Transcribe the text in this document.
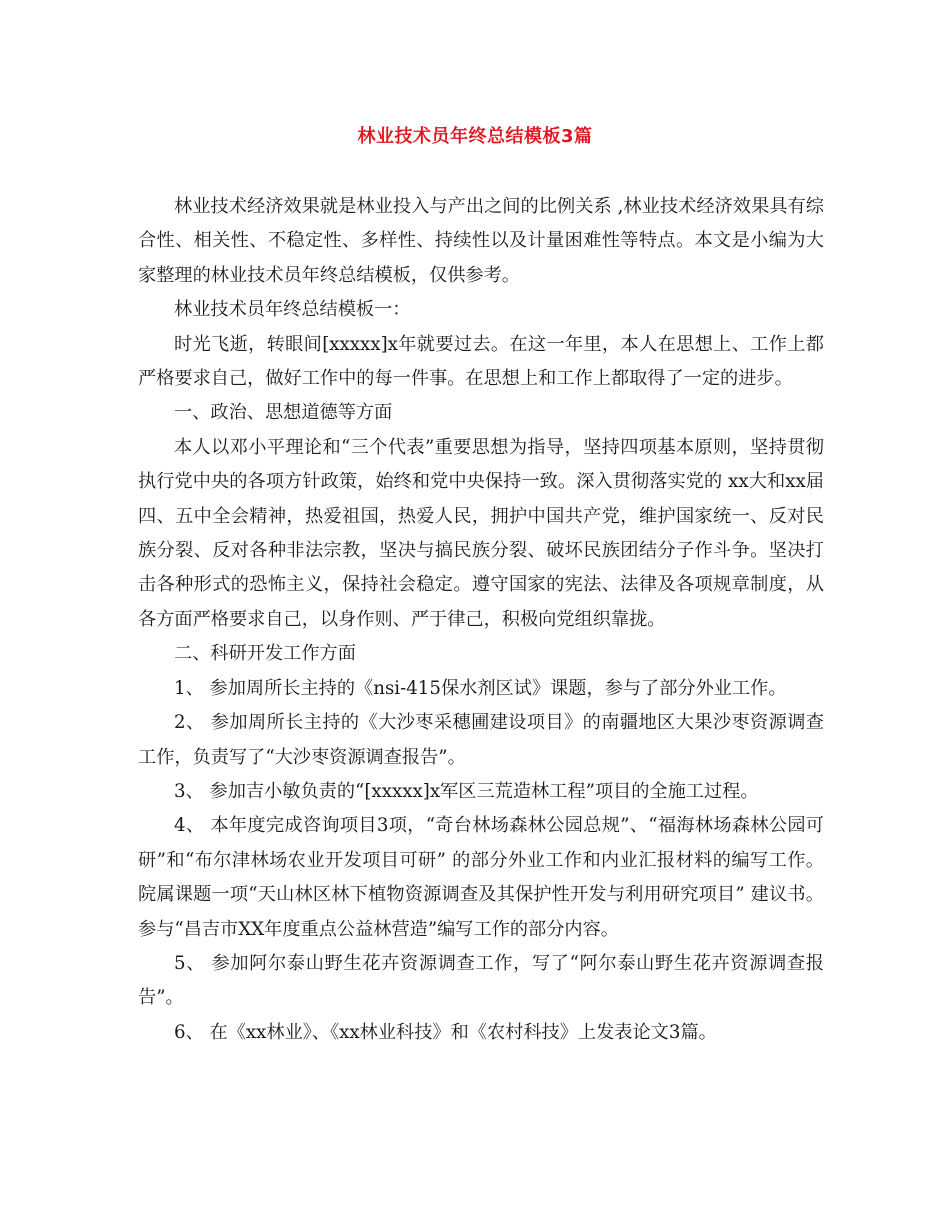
林业技术员年终总结模板3篇

林业技术经济效果就是林业投入与产出之间的比例关系 ,林业技术经济效果具有综合性、相关性、不稳定性、多样性、持续性以及计量困难性等特点。本文是小编为大家整理的林业技术员年终总结模板，仅供参考。

林业技术员年终总结模板一：

时光飞逝，转眼间[xxxxx]x年就要过去。在这一年里，本人在思想上、工作上都严格要求自己，做好工作中的每一件事。在思想上和工作上都取得了一定的进步。

一、政治、思想道德等方面

本人以邓小平理论和“三个代表”重要思想为指导，坚持四项基本原则，坚持贯彻执行党中央的各项方针政策，始终和党中央保持一致。深入贯彻落实党的 xx大和xx届四、五中全会精神，热爱祖国，热爱人民，拥护中国共产党，维护国家统一、反对民族分裂、反对各种非法宗教，坚决与搞民族分裂、破坏民族团结分子作斗争。坚决打击各种形式的恐怖主义，保持社会稳定。遵守国家的宪法、法律及各项规章制度，从各方面严格要求自己，以身作则、严于律己，积极向党组织靠拢。

二、科研开发工作方面

1、 参加周所长主持的《nsi-415保水剂区试》课题，参与了部分外业工作。

2、 参加周所长主持的《大沙枣采穗圃建设项目》的南疆地区大果沙枣资源调查工作，负责写了“大沙枣资源调查报告”。

3、 参加吉小敏负责的“[xxxxx]x军区三荒造林工程”项目的全施工过程。

4、 本年度完成咨询项目3项，“奇台林场森林公园总规”、“福海林场森林公园可研”和“布尔津林场农业开发项目可研” 的部分外业工作和内业汇报材料的编写工作。院属课题一项“天山林区林下植物资源调查及其保护性开发与利用研究项目” 建议书。参与“昌吉市XX年度重点公益林营造”编写工作的部分内容。

5、 参加阿尔泰山野生花卉资源调查工作，写了“阿尔泰山野生花卉资源调查报告”。

6、 在《xx林业》、《xx林业科技》和《农村科技》上发表论文3篇。
